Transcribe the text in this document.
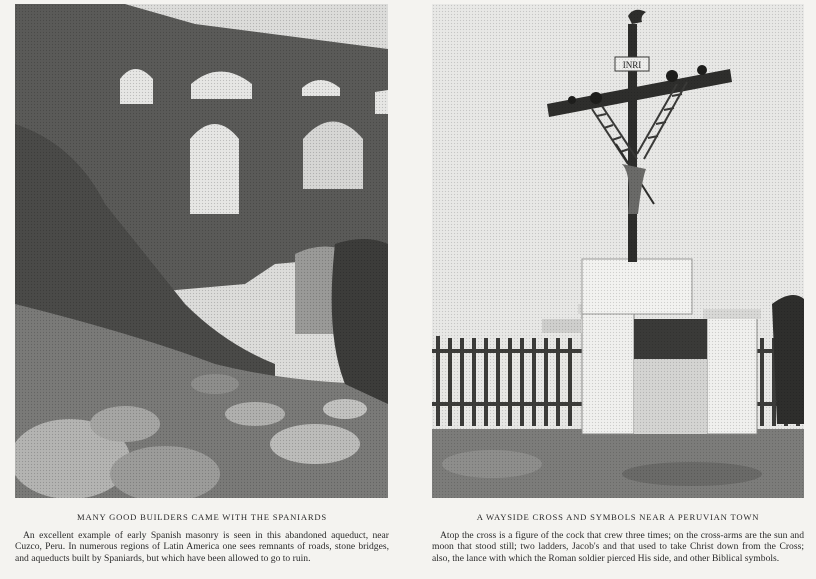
MANY GOOD BUILDERS CAME WITH THE SPANIARDS
An excellent example of early Spanish masonry is seen in this abandoned aqueduct, near Cuzco, Peru. In numerous regions of Latin America one sees remnants of roads, stone bridges, and aqueducts built by Spaniards, but which have been allowed to go to ruin.
A WAYSIDE CROSS AND SYMBOLS NEAR A PERUVIAN TOWN
Atop the cross is a figure of the cock that crew three times; on the cross-arms are the sun and moon that stood still; two ladders, Jacob's and that used to take Christ down from the Cross; also, the lance with which the Roman soldier pierced His side, and other Biblical symbols.
